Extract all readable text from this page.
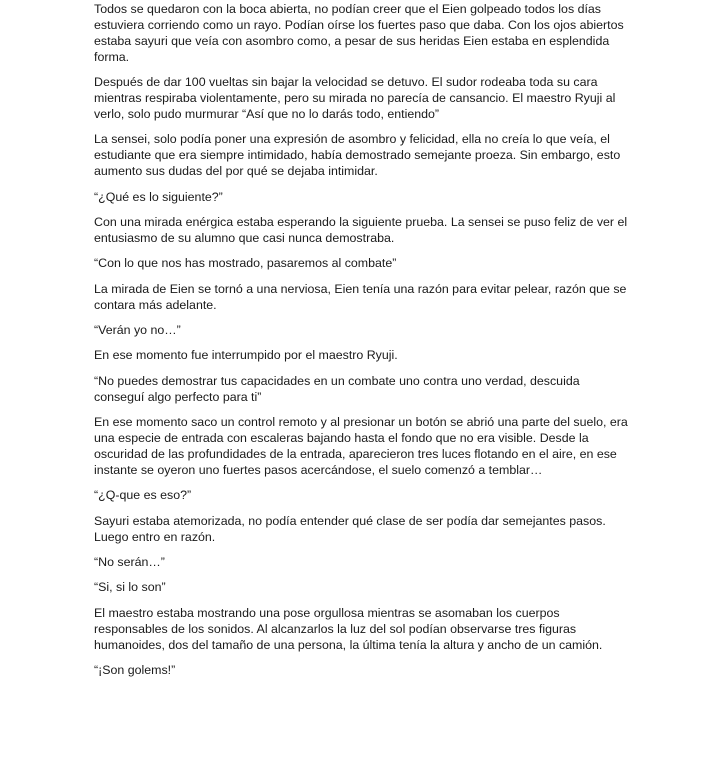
Todos se quedaron con la boca abierta, no podían creer que el Eien golpeado todos los días estuviera corriendo como un rayo. Podían oírse los fuertes paso que daba. Con los ojos abiertos estaba sayuri que veía con asombro como, a pesar de sus heridas Eien estaba en esplendida forma.

Después de dar 100 vueltas sin bajar la velocidad se detuvo. El sudor rodeaba toda su cara mientras respiraba violentamente, pero su mirada no parecía de cansancio. El maestro Ryuji al verlo, solo pudo murmurar “Así que no lo darás todo, entiendo”

La sensei, solo podía poner una expresión de asombro y felicidad, ella no creía lo que veía, el estudiante que era siempre intimidado, había demostrado semejante proeza. Sin embargo, esto aumento sus dudas del por qué se dejaba intimidar.

“¿Qué es lo siguiente?”

Con una mirada enérgica estaba esperando la siguiente prueba. La sensei se puso feliz de ver el entusiasmo de su alumno que casi nunca demostraba.

“Con lo que nos has mostrado, pasaremos al combate”

La mirada de Eien se tornó a una nerviosa, Eien tenía una razón para evitar pelear, razón que se contara más adelante.

“Verán yo no…”

En ese momento fue interrumpido por el maestro Ryuji.

“No puedes demostrar tus capacidades en un combate uno contra uno verdad, descuida conseguí algo perfecto para ti”

En ese momento saco un control remoto y al presionar un botón se abrió una parte del suelo, era una especie de entrada con escaleras bajando hasta el fondo que no era visible. Desde la oscuridad de las profundidades de la entrada, aparecieron tres luces flotando en el aire, en ese instante se oyeron uno fuertes pasos acercándose, el suelo comenzó a temblar…

“¿Q-que es eso?”

Sayuri estaba atemorizada, no podía entender qué clase de ser podía dar semejantes pasos. Luego entro en razón.

“No serán…”

“Si, si lo son”

El maestro estaba mostrando una pose orgullosa mientras se asomaban los cuerpos responsables de los sonidos. Al alcanzarlos la luz del sol podían observarse tres figuras humanoides, dos del tamaño de una persona, la última tenía la altura y ancho de un camión.

“¡Son golems!”
